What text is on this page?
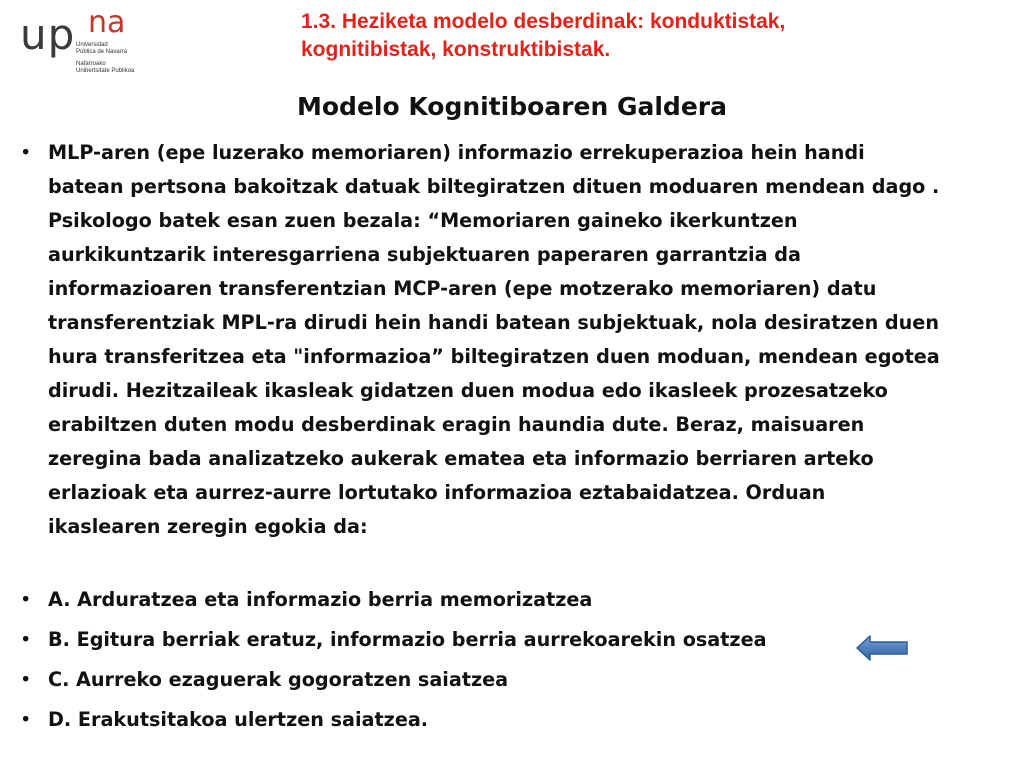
up na
Universidad
Pública de Navarra
Nafarroako
Unibertsitate Publikoa
1.3. Heziketa modelo desberdinak: konduktistak,
kognitibistak, konstruktibistak.
Modelo Kognitiboaren Galdera
• MLP-aren (epe luzerako memoriaren) informazio errekuperazioa hein handi
batean pertsona bakoitzak datuak biltegiratzen dituen moduaren mendean dago .
Psikologo batek esan zuen bezala: “Memoriaren gaineko ikerkuntzen
aurkikuntzarik interesgarriena subjektuaren paperaren garrantzia da
informazioaren transferentzian MCP-aren (epe motzerako memoriaren) datu
transferentziak MPL-ra dirudi hein handi batean subjektuak, nola desiratzen duen
hura transferitzea eta "informazioa” biltegiratzen duen moduan, mendean egotea
dirudi. Hezitzaileak ikasleak gidatzen duen modua edo ikasleek prozesatzeko
erabiltzen duten modu desberdinak eragin haundia dute. Beraz, maisuaren
zeregina bada analizatzeko aukerak ematea eta informazio berriaren arteko
erlazioak eta aurrez-aurre lortutako informazioa eztabaidatzea. Orduan
ikaslearen zeregin egokia da:
• A. Arduratzea eta informazio berria memorizatzea
• B. Egitura berriak eratuz, informazio berria aurrekoarekin osatzea
• C. Aurreko ezaguerak gogoratzen saiatzea
• D. Erakutsitakoa ulertzen saiatzea.
